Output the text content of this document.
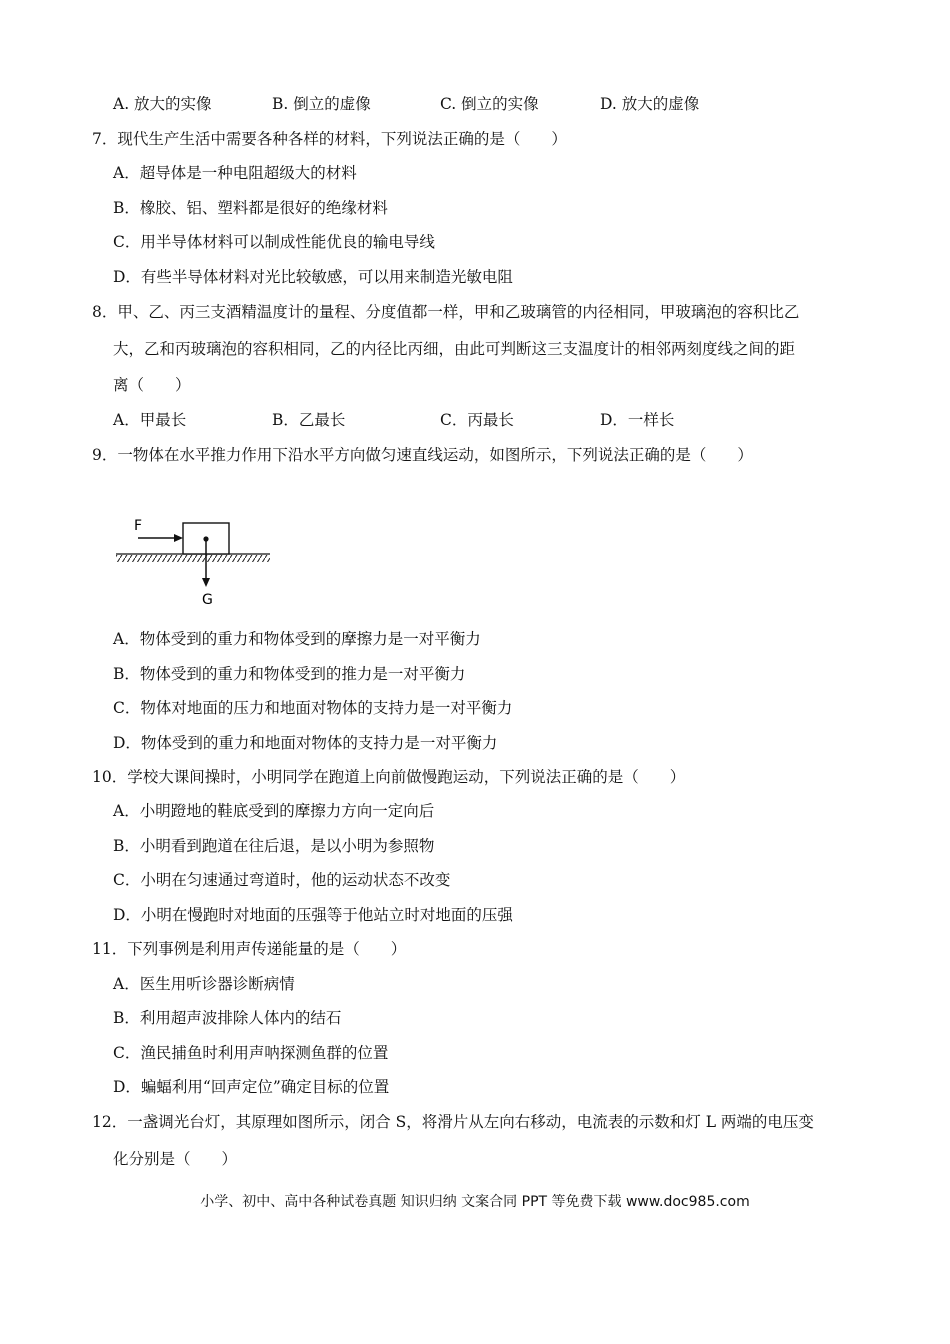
A. 放大的实像	B. 倒立的虚像	C. 倒立的实像	D. 放大的虚像
7．现代生产生活中需要各种各样的材料，下列说法正确的是（　　）
A．超导体是一种电阻超级大的材料
B．橡胶、铝、塑料都是很好的绝缘材料
C．用半导体材料可以制成性能优良的输电导线
D．有些半导体材料对光比较敏感，可以用来制造光敏电阻
8．甲、乙、丙三支酒精温度计的量程、分度值都一样，甲和乙玻璃管的内径相同，甲玻璃泡的容积比乙
大，乙和丙玻璃泡的容积相同，乙的内径比丙细，由此可判断这三支温度计的相邻两刻度线之间的距
离（　　）
A．甲最长	B．乙最长	C．丙最长	D．一样长
9．一物体在水平推力作用下沿水平方向做匀速直线运动，如图所示，下列说法正确的是（　　）
F
G
A．物体受到的重力和物体受到的摩擦力是一对平衡力
B．物体受到的重力和物体受到的推力是一对平衡力
C．物体对地面的压力和地面对物体的支持力是一对平衡力
D．物体受到的重力和地面对物体的支持力是一对平衡力
10．学校大课间操时，小明同学在跑道上向前做慢跑运动，下列说法正确的是（　　）
A．小明蹬地的鞋底受到的摩擦力方向一定向后
B．小明看到跑道在往后退，是以小明为参照物
C．小明在匀速通过弯道时，他的运动状态不改变
D．小明在慢跑时对地面的压强等于他站立时对地面的压强
11．下列事例是利用声传递能量的是（　　）
A．医生用听诊器诊断病情
B．利用超声波排除人体内的结石
C．渔民捕鱼时利用声呐探测鱼群的位置
D．蝙蝠利用“回声定位”确定目标的位置
12．一盏调光台灯，其原理如图所示，闭合 S，将滑片从左向右移动，电流表的示数和灯 L 两端的电压变
化分别是（　　）
小学、初中、高中各种试卷真题 知识归纳 文案合同 PPT 等免费下载 www.doc985.com
